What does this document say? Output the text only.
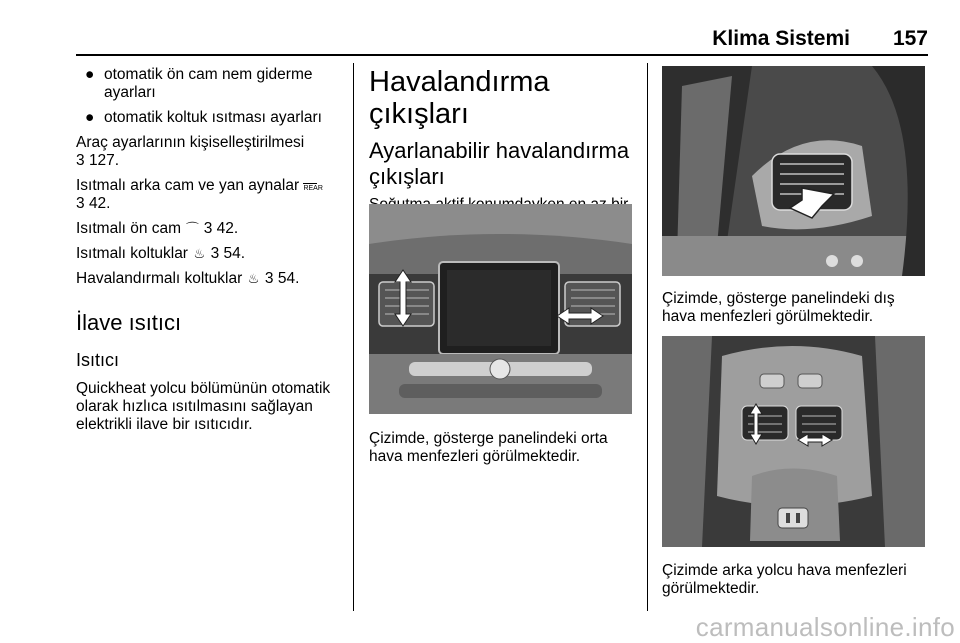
Klima Sistemi	157

● otomatik ön cam nem giderme ayarları

● otomatik koltuk ısıtması ayarları

Araç ayarlarının kişiselleştirilmesi
3 127.

Isıtmalı arka cam ve yan aynalar REAR
3 42.

Isıtmalı ön cam ⌒ 3 42.

Isıtmalı koltuklar ♨ 3 54.

Havalandırmalı koltuklar ♨ 3 54.

İlave ısıtıcı

Isıtıcı

Quickheat yolcu bölümünün otomatik olarak hızlıca ısıtılmasını sağlayan elektrikli ilave bir ısıtıcıdır.

Havalandırma çıkışları

Ayarlanabilir havalandırma çıkışları

Çizimde, gösterge panelindeki orta hava menfezleri görülmektedir.

Çizimde, gösterge panelindeki dış hava menfezleri görülmektedir.

Çizimde arka yolcu hava menfezleri görülmektedir.

carmanualsonline.info
